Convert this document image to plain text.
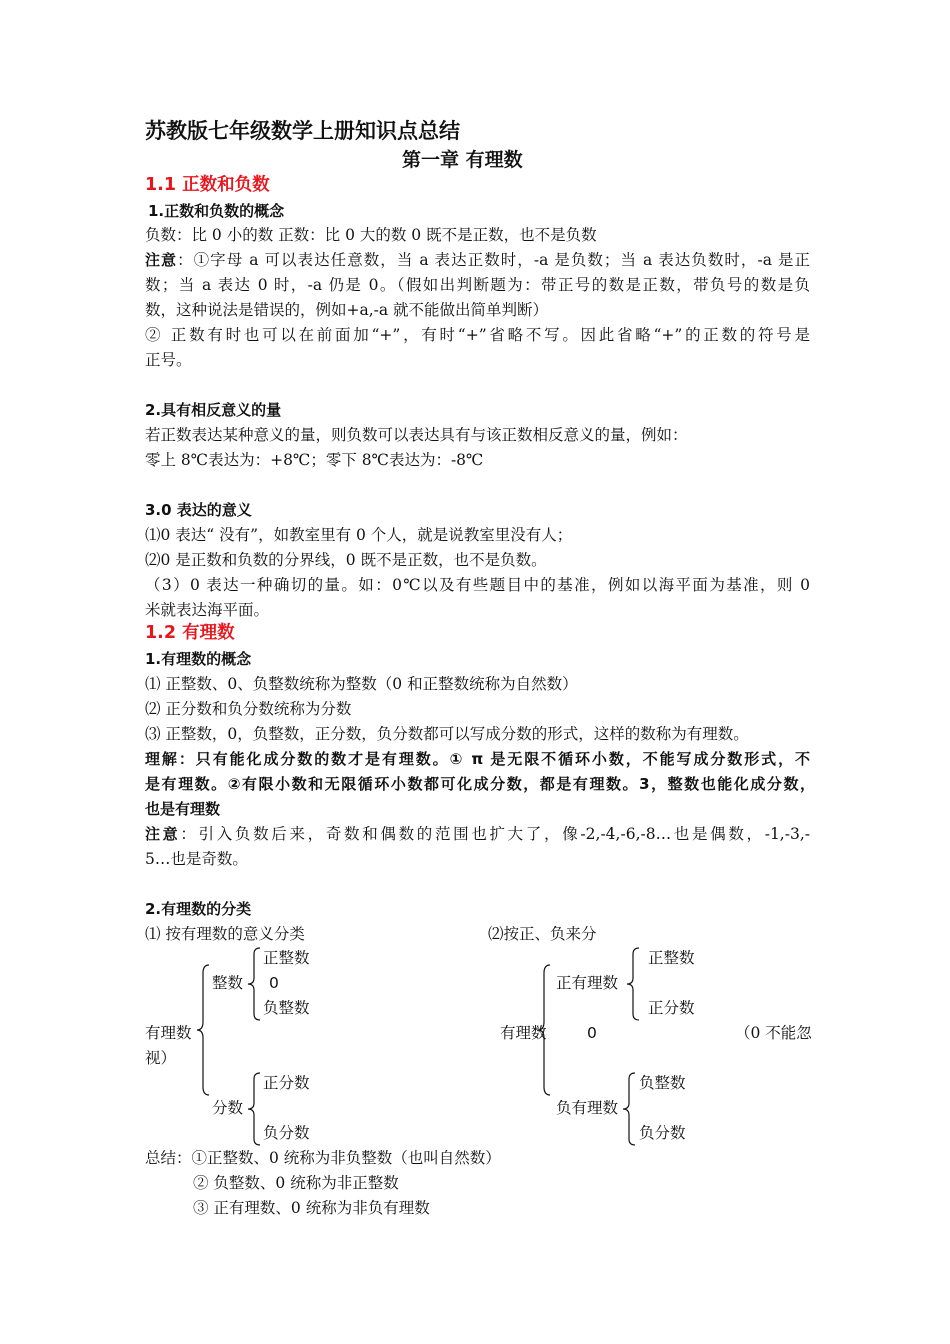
苏教版七年级数学上册知识点总结
第一章 有理数
1.1 正数和负数
1.正数和负数的概念
负数：比 0 小的数 正数：比 0 大的数 0 既不是正数，也不是负数
注意：①字母 a 可以表达任意数，当 a 表达正数时，-a 是负数；当 a 表达负数时，-a 是正
数；当 a 表达 0 时，-a 仍是 0。（假如出判断题为：带正号的数是正数，带负号的数是负
数，这种说法是错误的，例如+a,-a 就不能做出简单判断）
② 正数有时也可以在前面加“+”，有时“+”省略不写。因此省略“+”的正数的符号是
正号。
2.具有相反意义的量
若正数表达某种意义的量，则负数可以表达具有与该正数相反意义的量，例如：
零上 8℃表达为：+8℃；零下 8℃表达为：-8℃
3.0 表达的意义
⑴0 表达“ 没有”，如教室里有 0 个人，就是说教室里没有人；
⑵0 是正数和负数的分界线，0 既不是正数，也不是负数。
（3）0 表达一种确切的量。如：0℃以及有些题目中的基准，例如以海平面为基准，则 0
米就表达海平面。
1.2 有理数
1.有理数的概念
⑴ 正整数、0、负整数统称为整数（0 和正整数统称为自然数）
⑵ 正分数和负分数统称为分数
⑶ 正整数，0，负整数，正分数，负分数都可以写成分数的形式，这样的数称为有理数。
理解：只有能化成分数的数才是有理数。① π 是无限不循环小数，不能写成分数形式，不
是有理数。②有限小数和无限循环小数都可化成分数，都是有理数。3，整数也能化成分数，
也是有理数
注意：引入负数后来，奇数和偶数的范围也扩大了，像-2,-4,-6,-8…也是偶数，-1,-3,-
5…也是奇数。
2.有理数的分类
⑴ 按有理数的意义分类	⑵按正、负来分
有理数
视）
整数
正整数
0
负整数
分数
正分数
负分数
有理数	0	（0 不能忽
正有理数
正整数
正分数
负有理数
负整数
负分数
总结：①正整数、0 统称为非负整数（也叫自然数）
② 负整数、0 统称为非正整数
③ 正有理数、0 统称为非负有理数
